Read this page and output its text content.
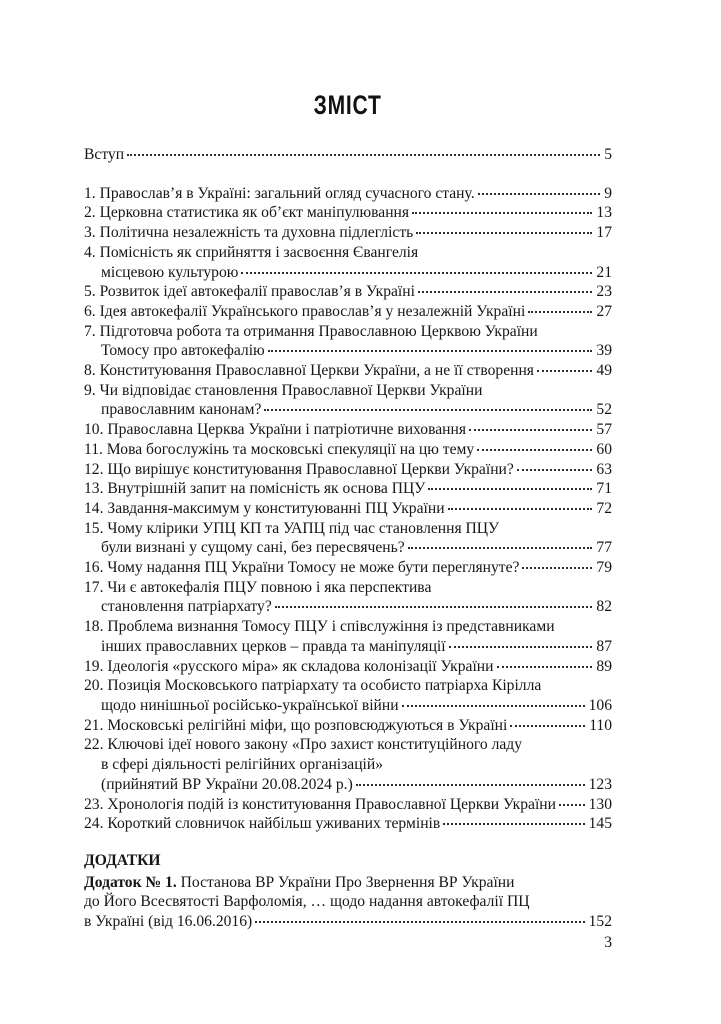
ЗМІСТ
Вступ	5
1. Православ’я в Україні: загальний огляд сучасного стану.	9
2. Церковна статистика як об’єкт маніпулювання	13
3. Політична незалежність та духовна підлеглість	17
4. Помісність як сприйняття і засвоєння Євангелія
місцевою культурою	21
5. Розвиток ідеї автокефалії православ’я в Україні	23
6. Ідея автокефалії Українського православ’я у незалежній Україні	27
7. Підготовча робота та отримання Православною Церквою України
Томосу про автокефалію	39
8. Конституювання Православної Церкви України, а не її створення	49
9. Чи відповідає становлення Православної Церкви України
православним канонам?	52
10. Православна Церква України і патріотичне виховання	57
11. Мова богослужінь та московські спекуляції на цю тему	60
12. Що вирішує конституювання Православної Церкви України?	63
13. Внутрішній запит на помісність як основа ПЦУ	71
14. Завдання-максимум у конституюванні ПЦ України	72
15. Чому клірики УПЦ КП та УАПЦ під час становлення ПЦУ
були визнані у сущому сані, без пересвячень?	77
16. Чому надання ПЦ України Томосу не може бути переглянуте?	79
17. Чи є автокефалія ПЦУ повною і яка перспектива
становлення патріархату?	82
18. Проблема визнання Томосу ПЦУ і співслужіння із представниками
інших православних церков – правда та маніпуляції	87
19. Ідеологія «русского міра» як складова колонізації України	89
20. Позиція Московського патріархату та особисто патріарха Кірілла
щодо нинішньої російсько-української війни	106
21. Московські релігійні міфи, що розповсюджуються в Україні	110
22. Ключові ідеї нового закону «Про захист конституційного ладу
в сфері діяльності релігійних організацій»
(прийнятий ВР України 20.08.2024 р.)	123
23. Хронологія подій із конституювання Православної Церкви України 130
24. Короткий словничок найбільш уживаних термінів	145
ДОДАТКИ
Додаток № 1. Постанова ВР України Про Звернення ВР України
до Його Всесвятості Варфоломія, … щодо надання автокефалії ПЦ
в Україні (від 16.06.2016)	152
3
